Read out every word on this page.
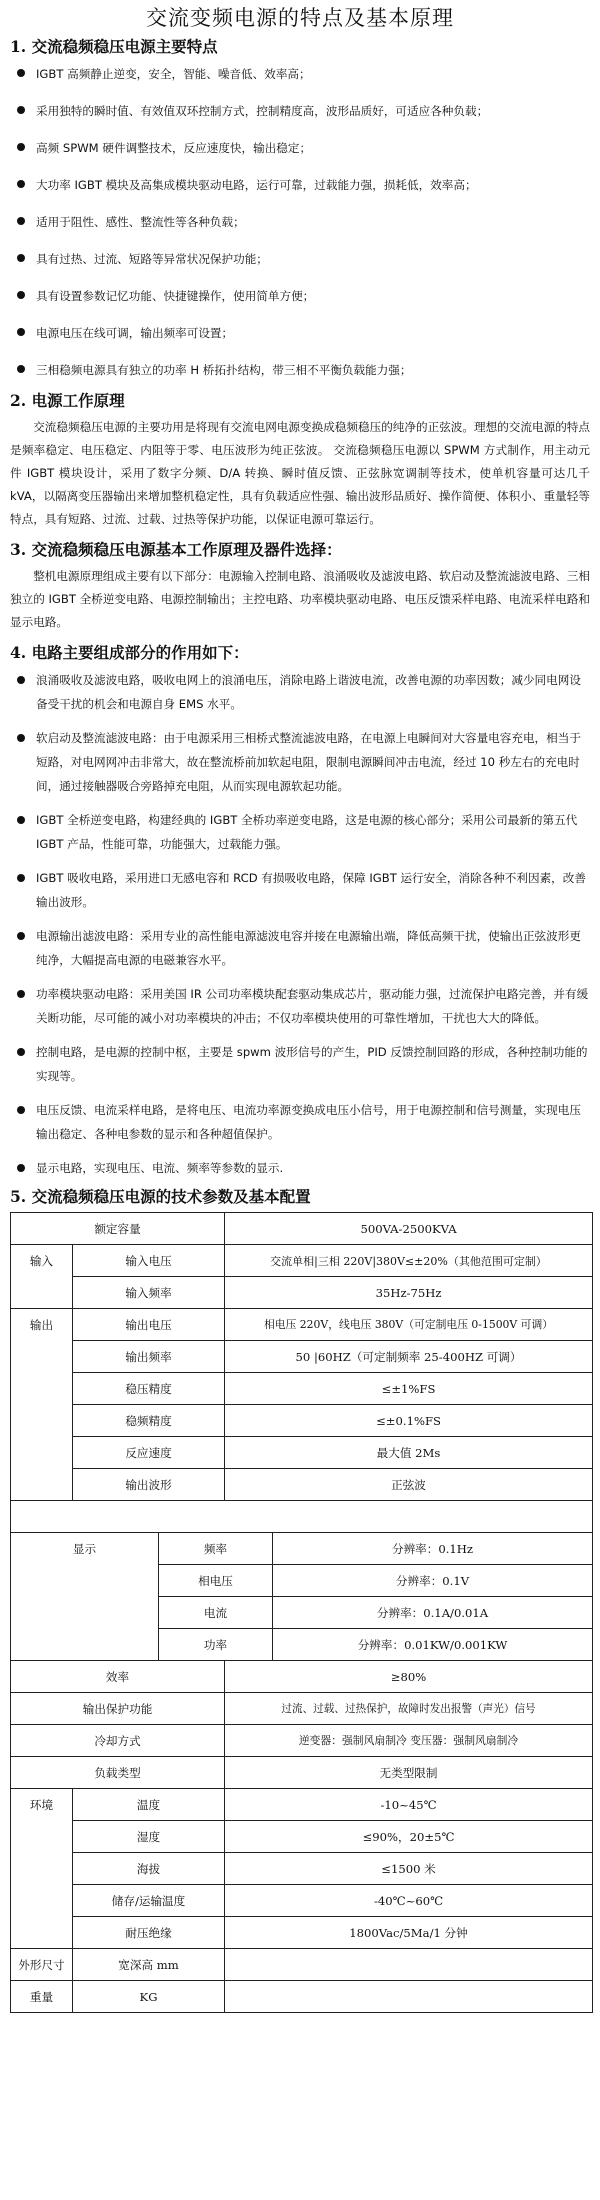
交流变频电源的特点及基本原理
1. 交流稳频稳压电源主要特点
IGBT 高频静止逆变，安全，智能、噪音低、效率高；
采用独特的瞬时值、有效值双环控制方式，控制精度高，波形品质好，可适应各种负载；
高频 SPWM 硬件调整技术，反应速度快，输出稳定；
大功率 IGBT 模块及高集成模块驱动电路，运行可靠，过载能力强，损耗低，效率高；
适用于阻性、感性、整流性等各种负载；
具有过热、过流、短路等异常状况保护功能；
具有设置参数记忆功能、快捷键操作，使用简单方便；
电源电压在线可调，输出频率可设置；
三相稳频电源具有独立的功率 H 桥拓扑结构，带三相不平衡负载能力强；
2. 电源工作原理

交流稳频稳压电源的主要功用是将现有交流电网电源变换成稳频稳压的纯净的正弦波。理想的交流电源的特点是频率稳定、电压稳定、内阻等于零、电压波形为纯正弦波。 交流稳频稳压电源以 SPWM 方式制作，用主动元件 IGBT 模块设计，采用了数字分频、D/A 转换、瞬时值反馈、正弦脉宽调制等技术，使单机容量可达几千 kVA，以隔离变压器输出来增加整机稳定性，具有负载适应性强、输出波形品质好、操作简便、体积小、重量轻等特点，具有短路、过流、过载、过热等保护功能，以保证电源可靠运行。

3. 交流稳频稳压电源基本工作原理及器件选择：

整机电源原理组成主要有以下部分：电源输入控制电路、浪涌吸收及滤波电路、软启动及整流滤波电路、三相独立的 IGBT 全桥逆变电路、电源控制输出；主控电路、功率模块驱动电路、电压反馈采样电路、电流采样电路和显示电路。

4. 电路主要组成部分的作用如下：
浪涌吸收及滤波电路，吸收电网上的浪涌电压，消除电路上谐波电流，改善电源的功率因数；减少同电网设备受干扰的机会和电源自身 EMS 水平。
软启动及整流滤波电路：由于电源采用三相桥式整流滤波电路，在电源上电瞬间对大容量电容充电，相当于短路，对电网网冲击非常大，故在整流桥前加软起电阻，限制电源瞬间冲击电流，经过 10 秒左右的充电时间，通过接触器吸合旁路掉充电阻，从而实现电源软起功能。
IGBT 全桥逆变电路，构建经典的 IGBT 全桥功率逆变电路，这是电源的核心部分；采用公司最新的第五代 IGBT 产品，性能可靠，功能强大，过载能力强。
IGBT 吸收电路，采用进口无感电容和 RCD 有损吸收电路，保障 IGBT 运行安全，消除各种不利因素，改善输出波形。
电源输出滤波电路：采用专业的高性能电源滤波电容并接在电源输出端，降低高频干扰，使输出正弦波形更纯净，大幅提高电源的电磁兼容水平。
功率模块驱动电路：采用美国 IR 公司功率模块配套驱动集成芯片，驱动能力强，过流保护电路完善，并有缓关断功能，尽可能的减小对功率模块的冲击；不仅功率模块使用的可靠性增加，干扰也大大的降低。
控制电路，是电源的控制中枢，主要是 spwm 波形信号的产生，PID 反馈控制回路的形成，各种控制功能的实现等。
电压反馈、电流采样电路，是将电压、电流功率源变换成电压小信号，用于电源控制和信号测量，实现电压输出稳定、各种电参数的显示和各种超值保护。
显示电路，实现电压、电流、频率等参数的显示.
5. 交流稳频稳压电源的技术参数及基本配置
额定容量			500VA-2500KVA	
输入	输入电压		交流单相|三相 220V|380V≤±20%（其他范围可定制）	
	输入频率		35Hz-75Hz	
输出	输出电压		相电压 220V，线电压 380V（可定制电压 0-1500V 可调）	
	输出频率		50 |60HZ（可定制频率 25-400HZ 可调）	
	稳压精度		≤±1%FS	
	稳频精度		≤±0.1%FS	
	反应速度		最大值 2Ms	
	输出波形		正弦波	

显示		频率		分辨率：0.1Hz
		相电压		分辨率：0.1V
		电流		分辨率：0.1A/0.01A
		功率		分辨率：0.01KW/0.001KW
效率			≥80%	
输出保护功能			过流、过载、过热保护，故障时发出报警（声光）信号	
冷却方式			逆变器：强制风扇制冷 变压器：强制风扇制冷	
负载类型			无类型限制	
环境	温度		-10~45℃	
	湿度		≤90%，20±5℃	
	海拔		≤1500 米	
	储存/运输温度		-40℃~60℃	
	耐压绝缘		1800Vac/5Ma/1 分钟	
外形尺寸	宽深高 mm			
重量	KG			
